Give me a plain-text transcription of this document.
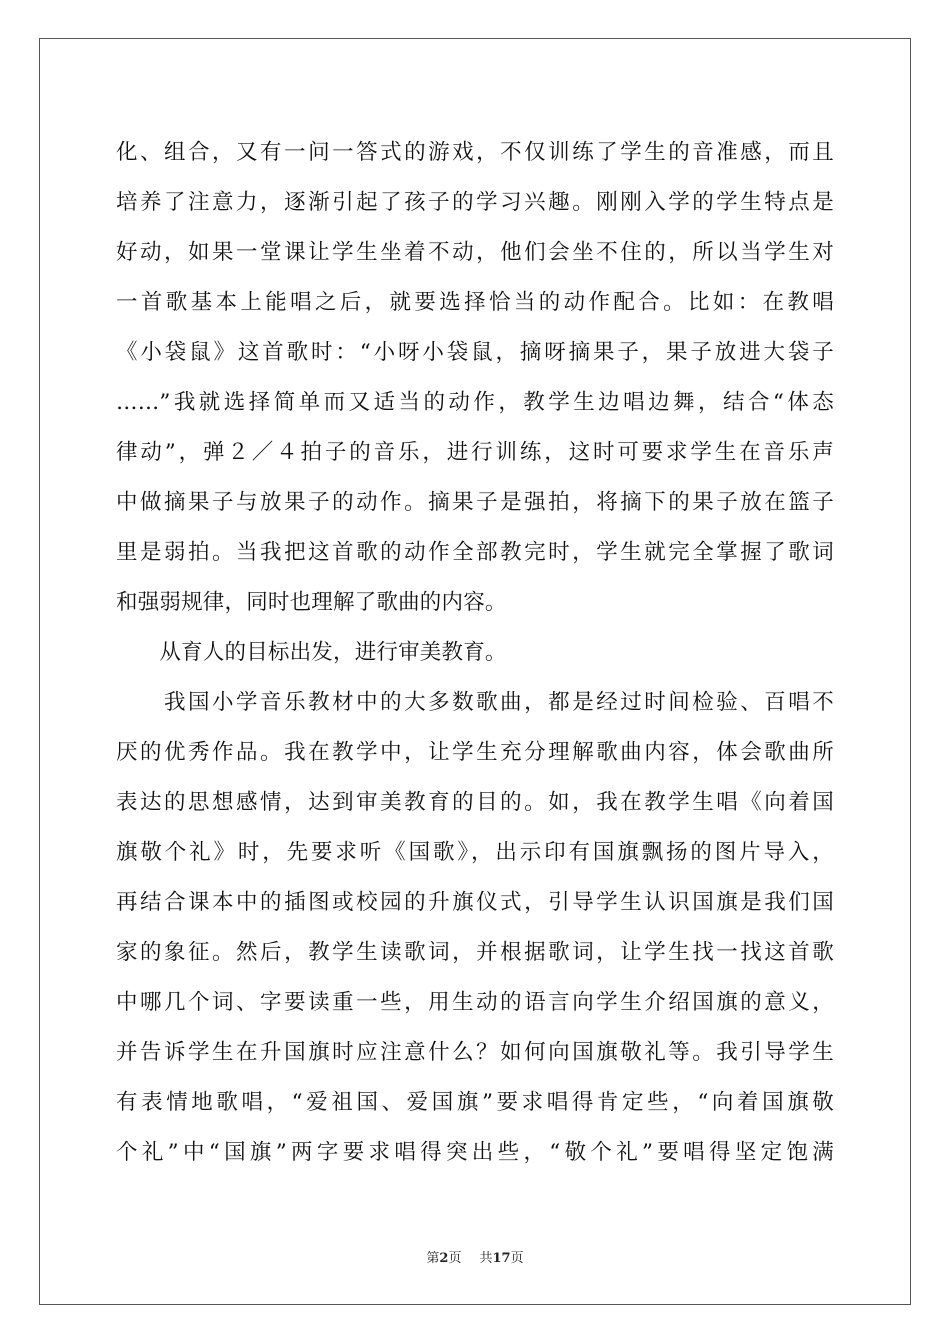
化、组合，又有一问一答式的游戏，不仅训练了学生的音准感，而且
培养了注意力，逐渐引起了孩子的学习兴趣。刚刚入学的学生特点是
好动，如果一堂课让学生坐着不动，他们会坐不住的，所以当学生对
一首歌基本上能唱之后，就要选择恰当的动作配合。比如：在教唱
《小袋鼠》这首歌时：“小呀小袋鼠，摘呀摘果子，果子放进大袋子
……”我就选择简单而又适当的动作，教学生边唱边舞，结合“体态
律动”，弹２／４拍子的音乐，进行训练，这时可要求学生在音乐声
中做摘果子与放果子的动作。摘果子是强拍，将摘下的果子放在篮子
里是弱拍。当我把这首歌的动作全部教完时，学生就完全掌握了歌词
和强弱规律，同时也理解了歌曲的内容。
　　从育人的目标出发，进行审美教育。
　　我国小学音乐教材中的大多数歌曲，都是经过时间检验、百唱不
厌的优秀作品。我在教学中，让学生充分理解歌曲内容，体会歌曲所
表达的思想感情，达到审美教育的目的。如，我在教学生唱《向着国
旗敬个礼》时，先要求听《国歌》，出示印有国旗飘扬的图片导入，
再结合课本中的插图或校园的升旗仪式，引导学生认识国旗是我们国
家的象征。然后，教学生读歌词，并根据歌词，让学生找一找这首歌
中哪几个词、字要读重一些，用生动的语言向学生介绍国旗的意义，
并告诉学生在升国旗时应注意什么？如何向国旗敬礼等。我引导学生
有表情地歌唱，“爱祖国、爱国旗”要求唱得肯定些，“向着国旗敬
个礼”中“国旗”两字要求唱得突出些，“敬个礼”要唱得坚定饱满
第2页 共17页
